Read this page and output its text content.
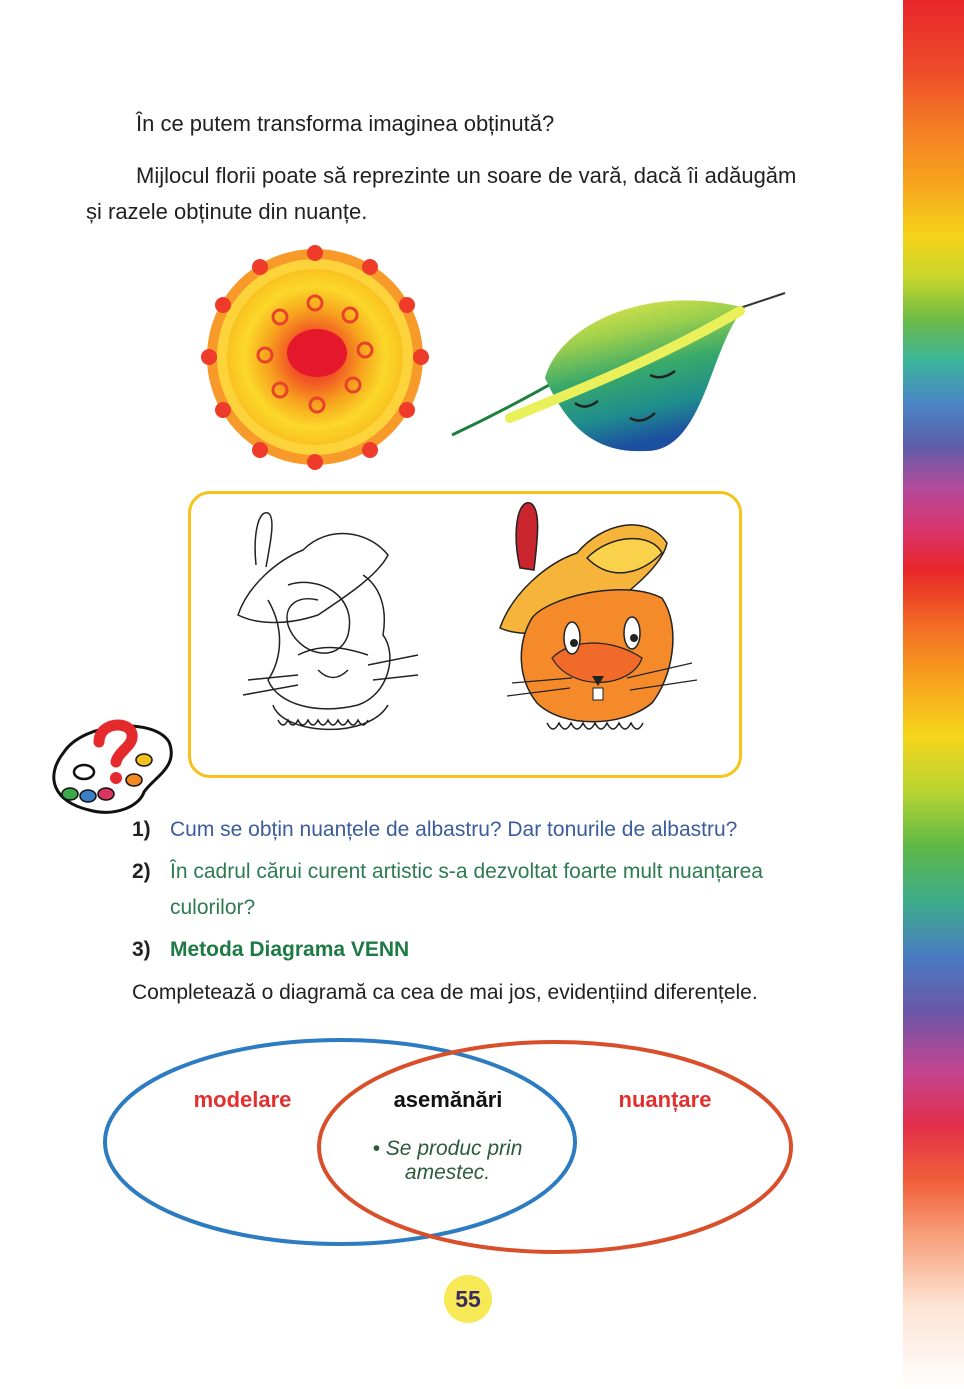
În ce putem transforma imaginea obținută?

Mijlocul florii poate să reprezinte un soare de vară, dacă îi adăugăm

și razele obținute din nuanțe.

1) Cum se obțin nuanțele de albastru? Dar tonurile de albastru?
2) În cadrul cărui curent artistic s-a dezvoltat foarte mult nuanțarea
culorilor?
3) Metoda Diagrama VENN
Completează o diagramă ca cea de mai jos, evidențiind diferențele.
modelare	asemănări	nuanțare
• Se produc prin
amestec.
55
